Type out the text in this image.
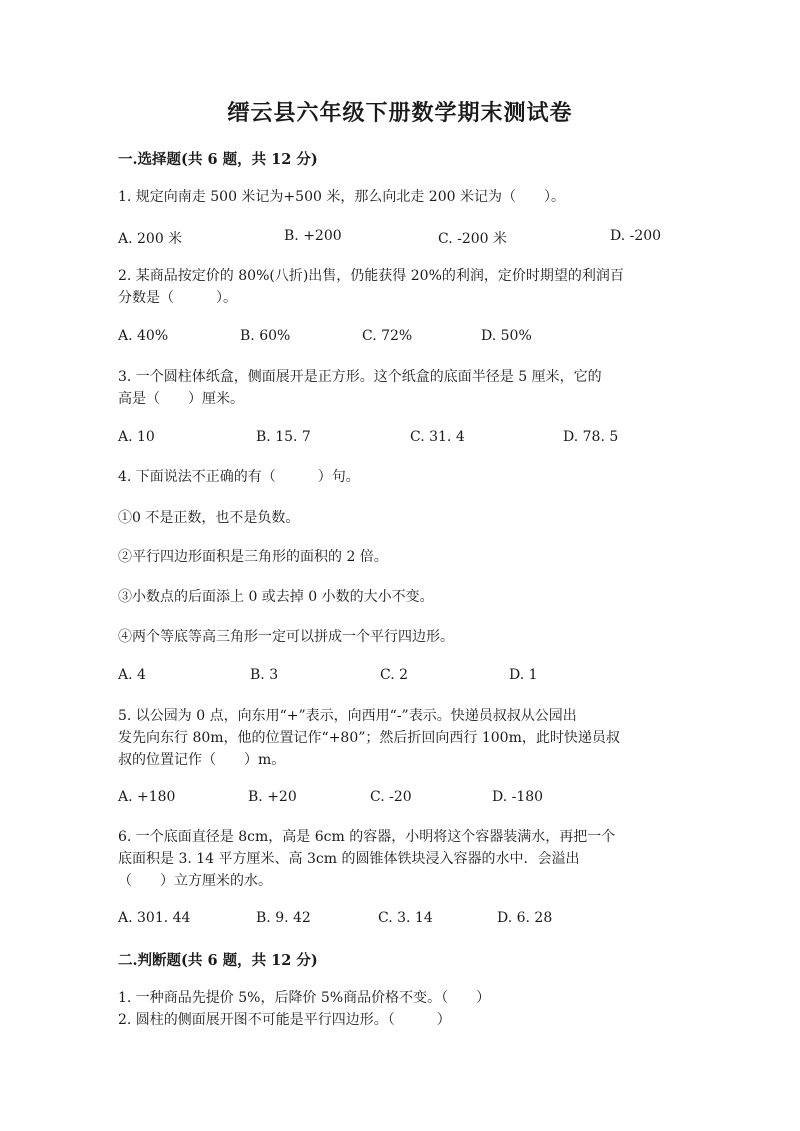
缙云县六年级下册数学期末测试卷
一.选择题(共 6 题，共 12 分)
1. 规定向南走 500 米记为+500 米，那么向北走 200 米记为（　　）。
A. 200 米	B. +200	C. -200 米	D. -200
2. 某商品按定价的 80%(八折)出售，仍能获得 20%的利润，定价时期望的利润百
分数是（　　　）。
A. 40%	B. 60%	C. 72%	D. 50%
3. 一个圆柱体纸盒，侧面展开是正方形。这个纸盒的底面半径是 5 厘米，它的
高是（　　）厘米。
A. 10	B. 15. 7	C. 31. 4	D. 78. 5
4. 下面说法不正确的有（　　　）句。
①0 不是正数，也不是负数。
②平行四边形面积是三角形的面积的 2 倍。
③小数点的后面添上 0 或去掉 0 小数的大小不变。
④两个等底等高三角形一定可以拼成一个平行四边形。
A. 4	B. 3	C. 2	D. 1
5. 以公园为 0 点，向东用“+”表示，向西用“-”表示。快递员叔叔从公园出
发先向东行 80m，他的位置记作“+80”；然后折回向西行 100m，此时快递员叔
叔的位置记作（　　）m。
A. +180	B. +20	C. -20	D. -180
6. 一个底面直径是 8cm，高是 6cm 的容器，小明将这个容器装满水，再把一个
底面积是 3. 14 平方厘米、高 3cm 的圆锥体铁块浸入容器的水中．会溢出
（　　）立方厘米的水。
A. 301. 44	B. 9. 42	C. 3. 14	D. 6. 28
二.判断题(共 6 题，共 12 分)
1. 一种商品先提价 5%，后降价 5%商品价格不变。（　　）
2. 圆柱的侧面展开图不可能是平行四边形。（　　　）
